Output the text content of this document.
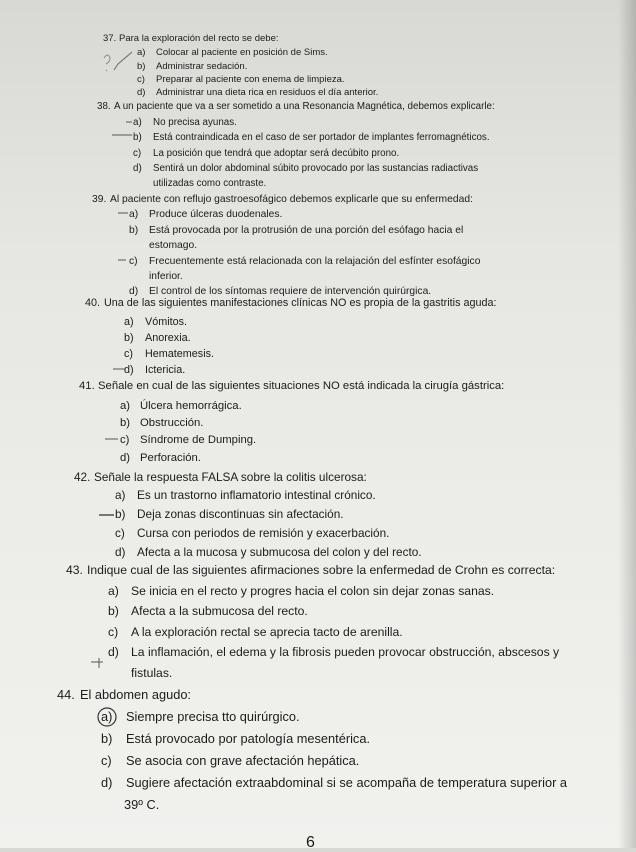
37. Para la exploración del recto se debe:
a) Colocar al paciente en posición de Sims.
b) Administrar sedación.
c) Preparar al paciente con enema de limpieza.
d) Administrar una dieta rica en residuos el día anterior.
38. A un paciente que va a ser sometido a una Resonancia Magnética, debemos explicarle:
a) No precisa ayunas.
b) Está contraindicada en el caso de ser portador de implantes ferromagnéticos.
c) La posición que tendrá que adoptar será decúbito prono.
d) Sentirá un dolor abdominal súbito provocado por las sustancias radiactivas
utilizadas como contraste.
39. Al paciente con reflujo gastroesofágico debemos explicarle que su enfermedad:
a) Produce úlceras duodenales.
b) Está provocada por la protrusión de una porción del esófago hacia el
estomago.
c) Frecuentemente está relacionada con la relajación del esfínter esofágico
inferior.
d) El control de los síntomas requiere de intervención quirúrgica.
40. Una de las siguientes manifestaciones clínicas NO es propia de la gastritis aguda:
a) Vómitos.
b) Anorexia.
c) Hematemesis.
d) Ictericia.
41. Señale en cual de las siguientes situaciones NO está indicada la cirugía gástrica:
a) Úlcera hemorrágica.
b) Obstrucción.
c) Síndrome de Dumping.
d) Perforación.
42. Señale la respuesta FALSA sobre la colitis ulcerosa:
a) Es un trastorno inflamatorio intestinal crónico.
b) Deja zonas discontinuas sin afectación.
c) Cursa con periodos de remisión y exacerbación.
d) Afecta a la mucosa y submucosa del colon y del recto.
43. Indique cual de las siguientes afirmaciones sobre la enfermedad de Crohn es correcta:
a) Se inicia en el recto y progres hacia el colon sin dejar zonas sanas.
b) Afecta a la submucosa del recto.
c) A la exploración rectal se aprecia tacto de arenilla.
d) La inflamación, el edema y la fibrosis pueden provocar obstrucción, abscesos y
fistulas.
44. El abdomen agudo:
a) Siempre precisa tto quirúrgico.
b) Está provocado por patología mesentérica.
c) Se asocia con grave afectación hepática.
d) Sugiere afectación extraabdominal si se acompaña de temperatura superior a
39º C.
6
